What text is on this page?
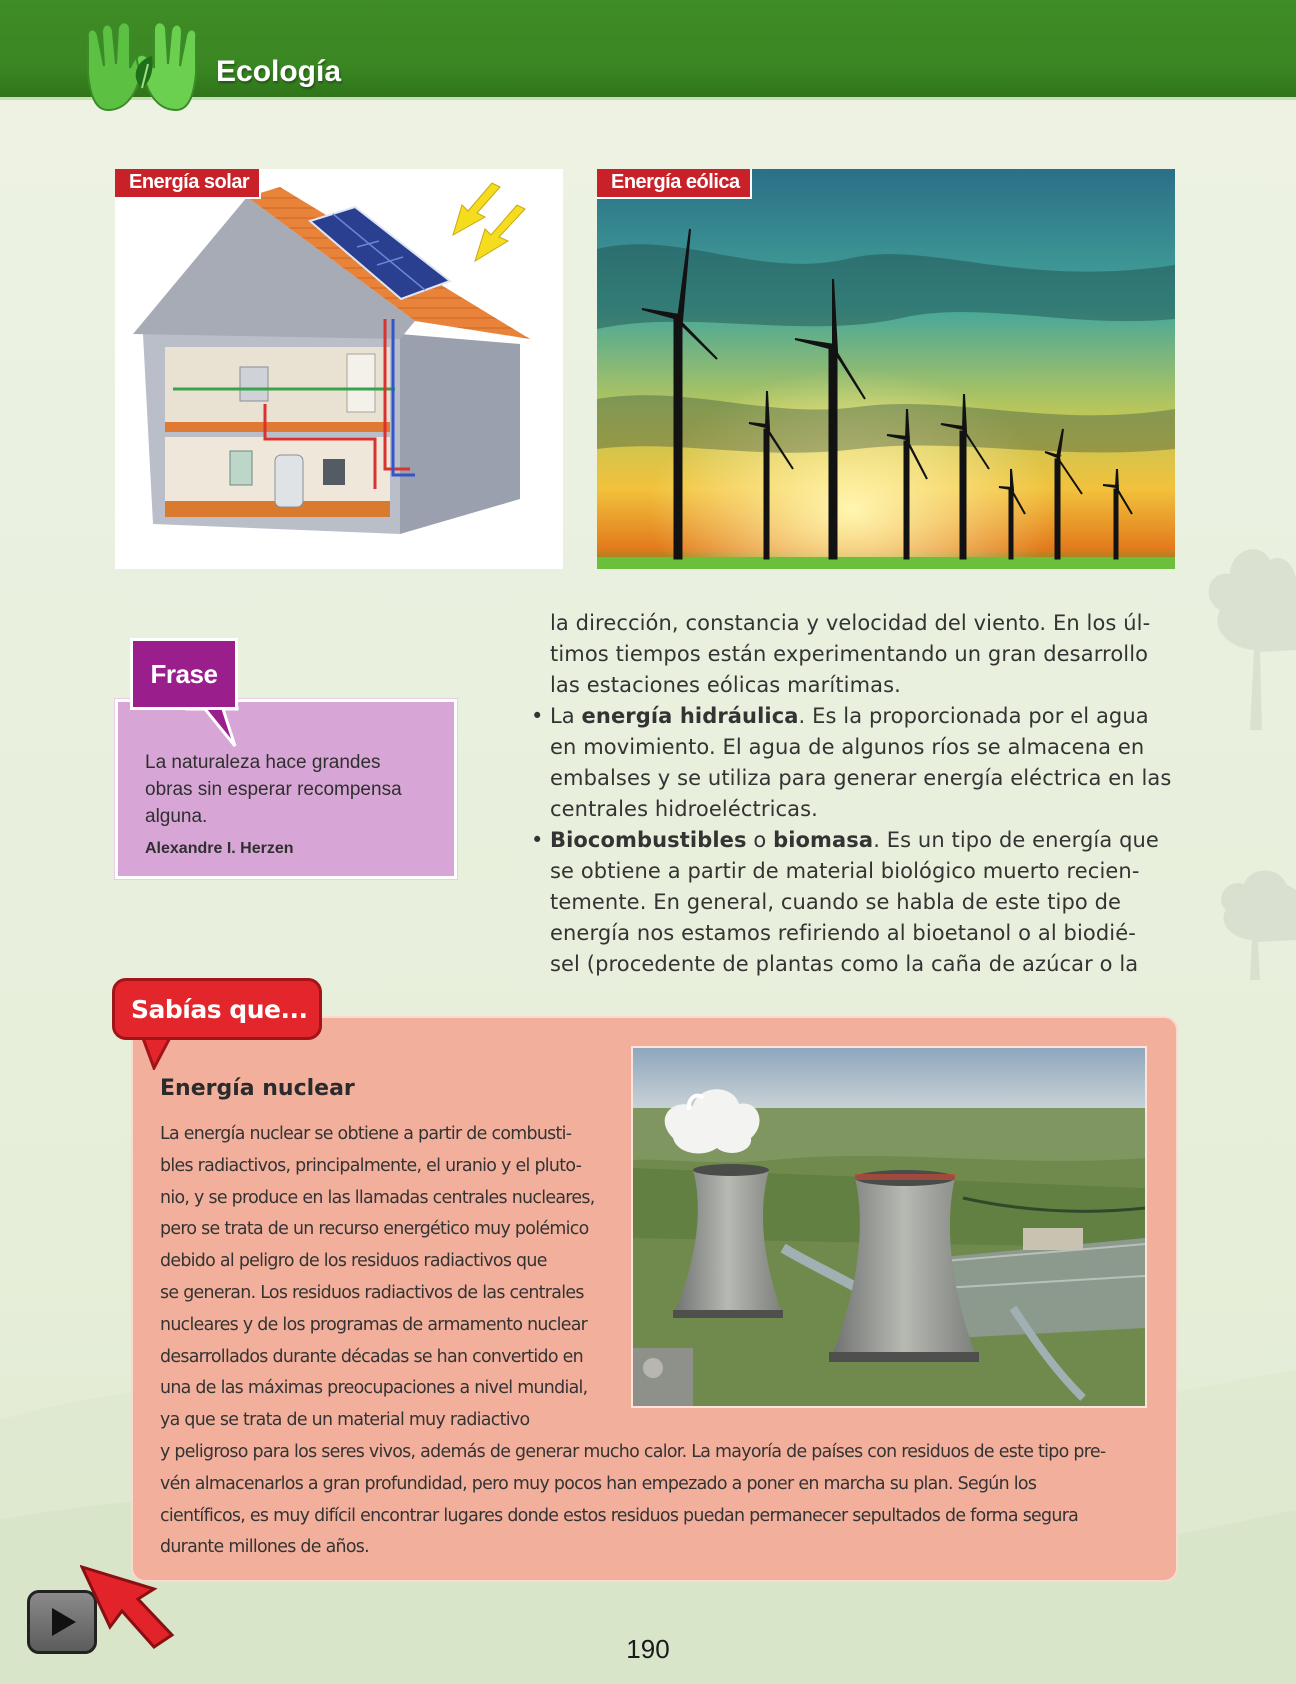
Ecología
Energía solar	Energía eólica

la dirección, constancia y velocidad del viento. En los úl-
timos tiempos están experimentando un gran desarrollo
las estaciones eólicas marítimas.

• La energía hidráulica. Es la proporcionada por el agua
en movimiento. El agua de algunos ríos se almacena en
embalses y se utiliza para generar energía eléctrica en las
centrales hidroeléctricas.

• Biocombustibles o biomasa. Es un tipo de energía que
se obtiene a partir de material biológico muerto recien-
temente. En general, cuando se habla de este tipo de
energía nos estamos refiriendo al bioetanol o al biodié-
sel (procedente de plantas como la caña de azúcar o la

Frase
La naturaleza hace grandes
obras sin esperar recompensa
alguna.
Alexandre I. Herzen
Sabías que...
Energía nuclear
La energía nuclear se obtiene a partir de combusti-
bles radiactivos, principalmente, el uranio y el pluto-
nio, y se produce en las llamadas centrales nucleares,
pero se trata de un recurso energético muy polémico
debido al peligro de los residuos radiactivos que
se generan. Los residuos radiactivos de las centrales
nucleares y de los programas de armamento nuclear
desarrollados durante décadas se han convertido en
una de las máximas preocupaciones a nivel mundial,
ya que se trata de un material muy radiactivo
y peligroso para los seres vivos, además de generar mucho calor. La mayoría de países con residuos de este tipo pre-
vén almacenarlos a gran profundidad, pero muy pocos han empezado a poner en marcha su plan. Según los
científicos, es muy difícil encontrar lugares donde estos residuos puedan permanecer sepultados de forma segura
durante millones de años.
190
